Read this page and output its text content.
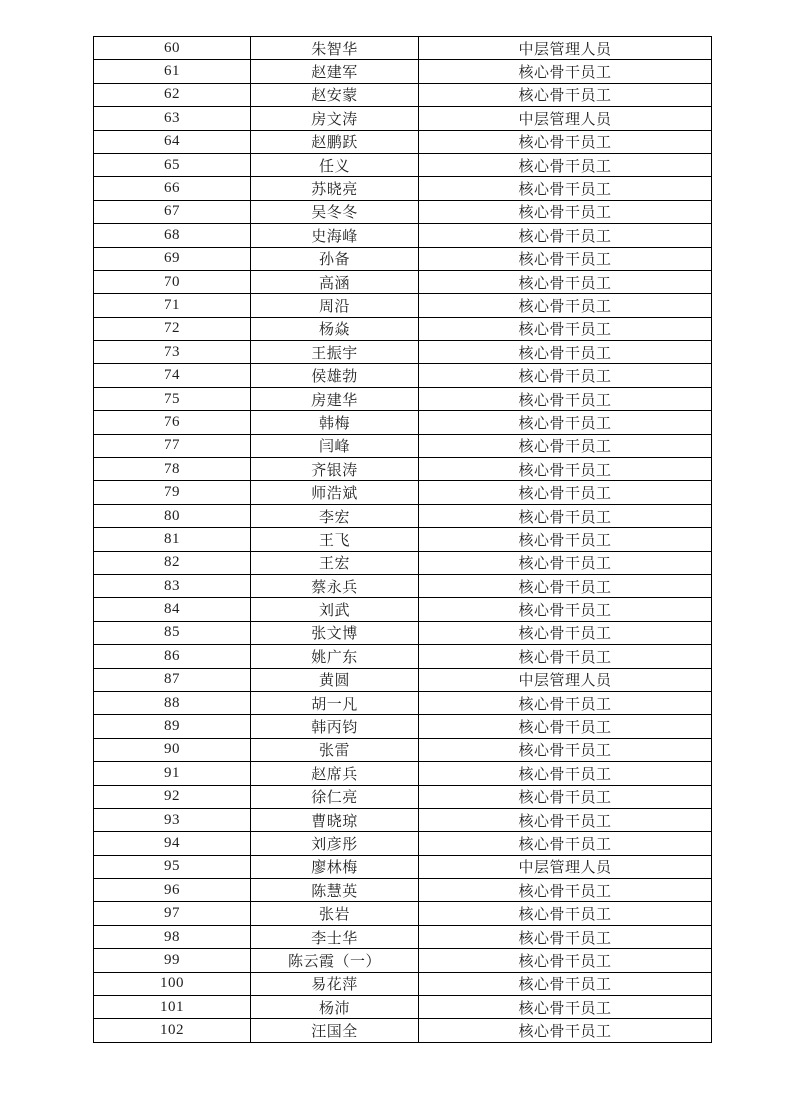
60	朱智华	中层管理人员
61	赵建军	核心骨干员工
62	赵安蒙	核心骨干员工
63	房文涛	中层管理人员
64	赵鹏跃	核心骨干员工
65	任义	核心骨干员工
66	苏晓亮	核心骨干员工
67	吴冬冬	核心骨干员工
68	史海峰	核心骨干员工
69	孙备	核心骨干员工
70	高涵	核心骨干员工
71	周沿	核心骨干员工
72	杨焱	核心骨干员工
73	王振宇	核心骨干员工
74	侯雄勃	核心骨干员工
75	房建华	核心骨干员工
76	韩梅	核心骨干员工
77	闫峰	核心骨干员工
78	齐银涛	核心骨干员工
79	师浩斌	核心骨干员工
80	李宏	核心骨干员工
81	王飞	核心骨干员工
82	王宏	核心骨干员工
83	蔡永兵	核心骨干员工
84	刘武	核心骨干员工
85	张文博	核心骨干员工
86	姚广东	核心骨干员工
87	黄圆	中层管理人员
88	胡一凡	核心骨干员工
89	韩丙钧	核心骨干员工
90	张雷	核心骨干员工
91	赵席兵	核心骨干员工
92	徐仁亮	核心骨干员工
93	曹晓琼	核心骨干员工
94	刘彦彤	核心骨干员工
95	廖林梅	中层管理人员
96	陈慧英	核心骨干员工
97	张岩	核心骨干员工
98	李士华	核心骨干员工
99	陈云霞（一）	核心骨干员工
100	易花萍	核心骨干员工
101	杨沛	核心骨干员工
102	汪国全	核心骨干员工
